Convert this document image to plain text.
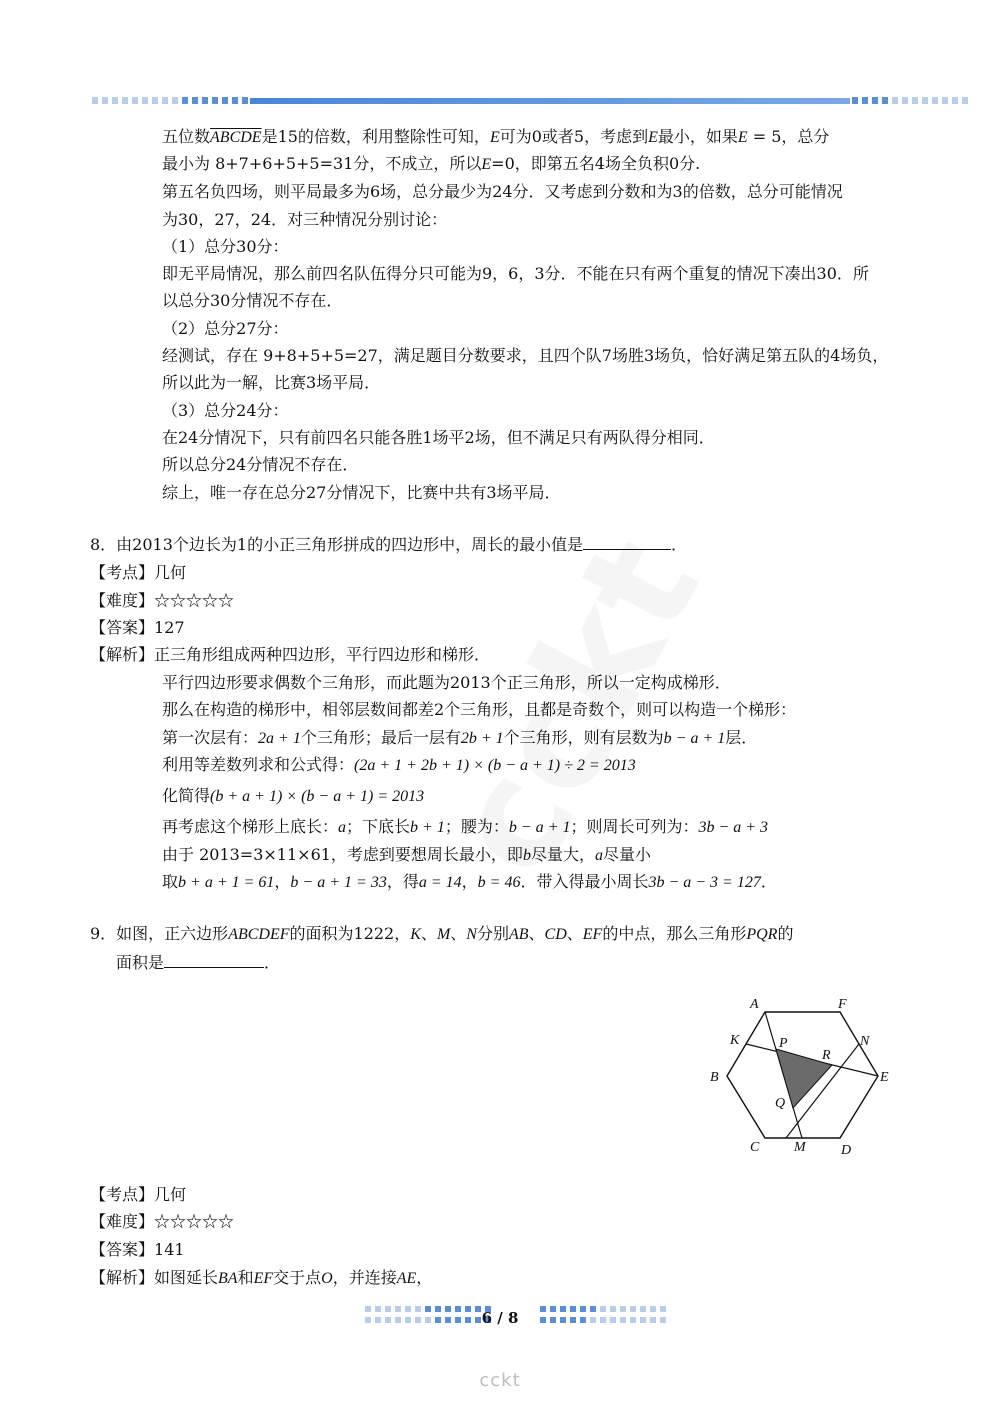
五位数ABCDE是15的倍数，利用整除性可知，E可为0或者5，考虑到E最小，如果E = 5，总分
最小为 8+7+6+5+5=31分，不成立，所以E=0，即第五名4场全负积0分.
第五名负四场，则平局最多为6场，总分最少为24分．又考虑到分数和为3的倍数，总分可能情况
为30，27，24．对三种情况分别讨论：
（1）总分30分：
即无平局情况，那么前四名队伍得分只可能为9，6，3分．不能在只有两个重复的情况下凑出30．所
以总分30分情况不存在．
（2）总分27分：
经测试，存在 9+8+5+5=27，满足题目分数要求，且四个队7场胜3场负，恰好满足第五队的4场负，
所以此为一解，比赛3场平局．
（3）总分24分：
在24分情况下，只有前四名只能各胜1场平2场，但不满足只有两队得分相同．
所以总分24分情况不存在．
综上，唯一存在总分27分情况下，比赛中共有3场平局．
8．由2013个边长为1的小正三角形拼成的四边形中，周长的最小值是	．
【考点】几何
【难度】☆☆☆☆☆
【答案】127
【解析】正三角形组成两种四边形，平行四边形和梯形．
平行四边形要求偶数个三角形，而此题为2013个正三角形，所以一定构成梯形．
那么在构造的梯形中，相邻层数间都差2个三角形，且都是奇数个，则可以构造一个梯形：
第一次层有：2a + 1个三角形；最后一层有2b + 1个三角形，则有层数为b − a + 1层．
利用等差数列求和公式得：(2a + 1 + 2b + 1) × (b − a + 1) ÷ 2 = 2013
化简得(b + a + 1) × (b − a + 1) = 2013
再考虑这个梯形上底长：a；下底长b + 1；腰为：b − a + 1；则周长可列为：3b − a + 3
由于 2013=3×11×61，考虑到要想周长最小，即b尽量大，a尽量小
取b + a + 1 = 61，b − a + 1 = 33，得a = 14，b = 46．带入得最小周长3b − a − 3 = 127．
9．如图，正六边形ABCDEF的面积为1222，K、M、N分别AB、CD、EF的中点，那么三角形PQR的
面积是	．
A	F
K	N
P
R
B	E
Q
C M	D
【考点】几何
【难度】☆☆☆☆☆
【答案】141
【解析】如图延长BA和EF交于点O，并连接AE，
6 / 8
cckt
